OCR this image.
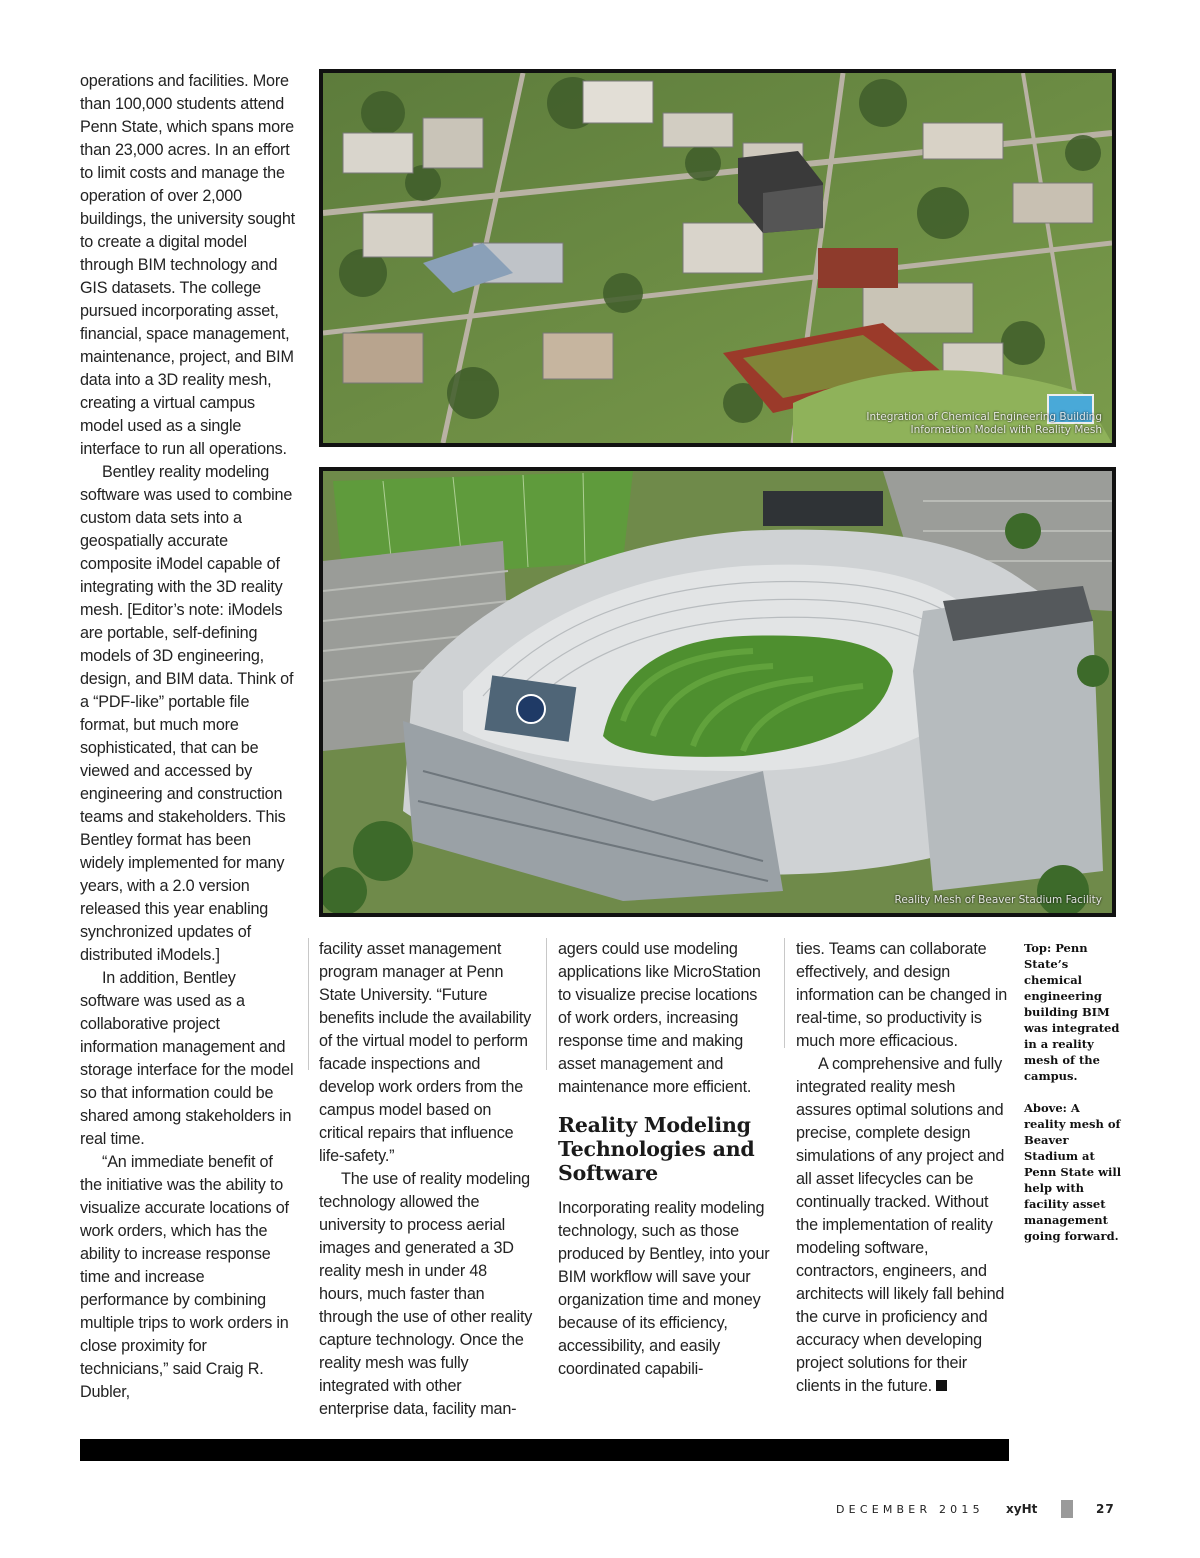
operations and facilities. More than 100,000 students attend Penn State, which spans more than 23,000 acres. In an effort to limit costs and manage the operation of over 2,000 buildings, the university sought to create a digital model through BIM technology and GIS datasets. The college pursued incorporating asset, financial, space management, maintenance, project, and BIM data into a 3D reality mesh, creating a virtual campus model used as a single interface to run all operations.

Bentley reality modeling software was used to combine custom data sets into a geospatially accurate composite iModel capable of integrating with the 3D reality mesh. [Editor’s note: iModels are portable, self-defining models of 3D engineering, design, and BIM data. Think of a “PDF-like” portable file format, but much more sophisticated, that can be viewed and accessed by engineering and construction teams and stakeholders. This Bentley format has been widely implemented for many years, with a 2.0 version released this year enabling synchronized updates of distributed iModels.]

In addition, Bentley software was used as a collaborative project information management and storage interface for the model so that information could be shared among stakeholders in real time.

“An immediate benefit of the initiative was the ability to visualize accurate locations of work orders, which has the ability to increase response time and increase performance by combining multiple trips to work orders in close proximity for technicians,” said Craig R. Dubler,

Integration of Chemical Engineering Building
Information Model with Reality Mesh
Reality Mesh of Beaver Stadium Facility

facility asset management program manager at Penn State University. “Future benefits include the availability of the virtual model to perform facade inspections and develop work orders from the campus model based on critical repairs that influence life-safety.”

The use of reality modeling technology allowed the university to process aerial images and generated a 3D reality mesh in under 48 hours, much faster than through the use of other reality capture technology. Once the reality mesh was fully integrated with other enterprise data, facility man-

agers could use modeling applications like MicroStation to visualize precise locations of work orders, increasing response time and making asset management and maintenance more efficient.

Reality Modeling Technologies and Software

Incorporating reality modeling technology, such as those produced by Bentley, into your BIM workflow will save your organization time and money because of its efficiency, accessibility, and easily coordinated capabili-

ties. Teams can collaborate effectively, and design information can be changed in real-time, so productivity is much more efficacious.

A comprehensive and fully integrated reality mesh assures optimal solutions and precise, complete design simulations of any project and all asset lifecycles can be continually tracked. Without the implementation of reality modeling software, contractors, engineers, and architects will likely fall behind the curve in proficiency and accuracy when developing project solutions for their clients in the future.

Top: Penn State’s chemical engineering building BIM was integrated in a reality mesh of the campus.

Above: A reality mesh of Beaver Stadium at Penn State will help with facility asset management going forward.

DECEMBER 2015 xyHt	27
